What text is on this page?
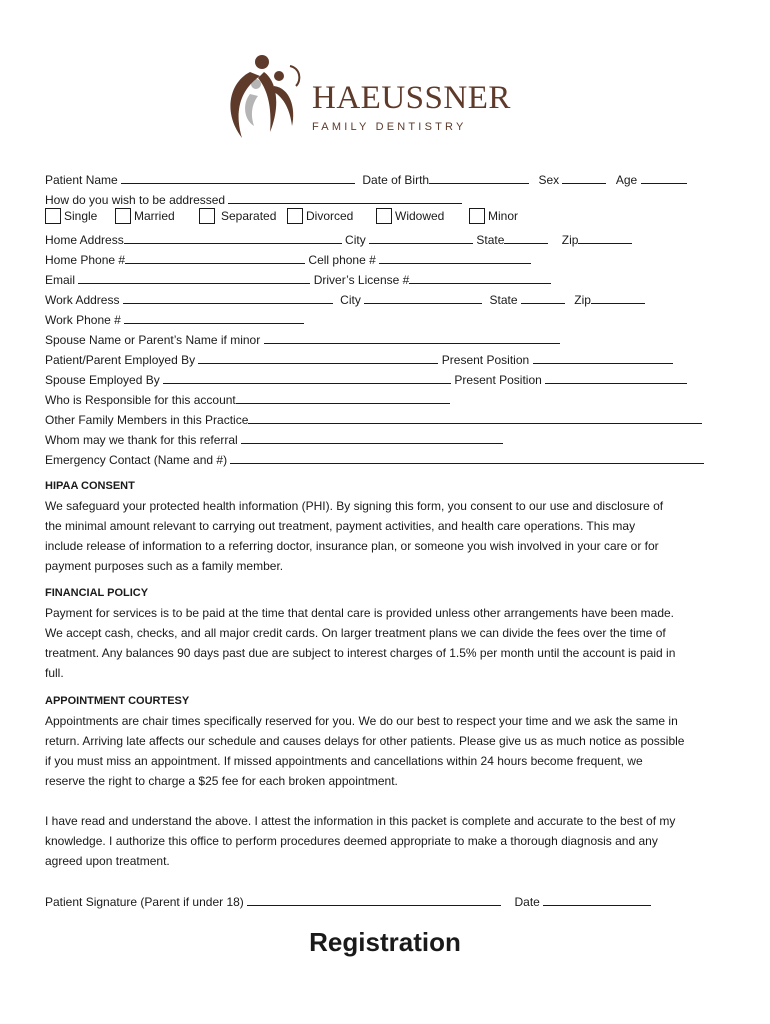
HAEUSSNER
FAMILY DENTISTRY
Patient Name	Date of Birth	Sex	Age
How do you wish to be addressed
Single	Married	Separated Divorced	Widowed	Minor
Home Address	City	State	Zip
Home Phone #	Cell phone #
Email	Driver’s License #
Work Address	City	State	Zip
Work Phone #
Spouse Name or Parent’s Name if minor
Patient/Parent Employed By	Present Position
Spouse Employed By	Present Position
Who is Responsible for this account
Other Family Members in this Practice
Whom may we thank for this referral
Emergency Contact (Name and #)
HIPAA CONSENT
We safeguard your protected health information (PHI). By signing this form, you consent to our use and disclosure of
the minimal amount relevant to carrying out treatment, payment activities, and health care operations. This may
include release of information to a referring doctor, insurance plan, or someone you wish involved in your care or for
payment purposes such as a family member.
FINANCIAL POLICY
Payment for services is to be paid at the time that dental care is provided unless other arrangements have been made.
We accept cash, checks, and all major credit cards. On larger treatment plans we can divide the fees over the time of
treatment. Any balances 90 days past due are subject to interest charges of 1.5% per month until the account is paid in
full.
APPOINTMENT COURTESY
Appointments are chair times specifically reserved for you. We do our best to respect your time and we ask the same in
return. Arriving late affects our schedule and causes delays for other patients. Please give us as much notice as possible
if you must miss an appointment. If missed appointments and cancellations within 24 hours become frequent, we
reserve the right to charge a $25 fee for each broken appointment.
I have read and understand the above. I attest the information in this packet is complete and accurate to the best of my
knowledge. I authorize this office to perform procedures deemed appropriate to make a thorough diagnosis and any
agreed upon treatment.
Patient Signature (Parent if under 18)	Date
Registration
